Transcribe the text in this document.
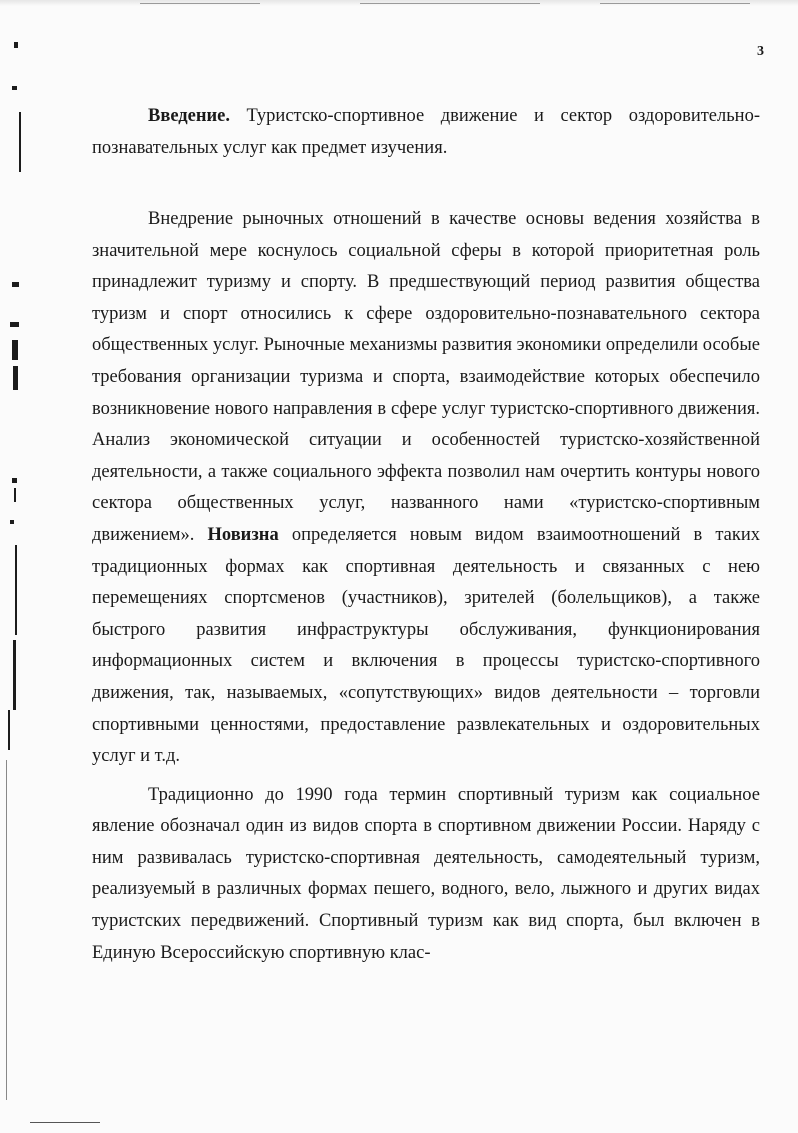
3

Введение. Туристско-спортивное движение и сектор оздоровительно-познавательных услуг как предмет изучения.

Внедрение рыночных отношений в качестве основы ведения хозяйства в значительной мере коснулось социальной сферы в которой приоритетная роль принадлежит туризму и спорту. В предшествующий период развития общества туризм и спорт относились к сфере оздоровительно-познавательного сектора общественных услуг. Рыночные механизмы развития экономики определили особые требования организации туризма и спорта, взаимодействие которых обеспечило возникновение нового направления в сфере услуг туристско-спортивного движения. Анализ экономической ситуации и особенностей туристско-хозяйственной деятельности, а также социального эффекта позволил нам очертить контуры нового сектора общественных услуг, названного нами «туристско-спортивным движением». Новизна определяется новым видом взаимоотношений в таких традиционных формах как спортивная деятельность и связанных с нею перемещениях спортсменов (участников), зрителей (болельщиков), а также быстрого развития инфраструктуры обслуживания, функционирования информационных систем и включения в процессы туристско-спортивного движения, так, называемых, «сопутствующих» видов деятельности – торговли спортивными ценностями, предоставление развлекательных и оздоровительных услуг и т.д.

Традиционно до 1990 года термин спортивный туризм как социальное явление обозначал один из видов спорта в спортивном движении России. Наряду с ним развивалась туристско-спортивная деятельность, самодеятельный туризм, реализуемый в различных формах пешего, водного, вело, лыжного и других видах туристских передвижений. Спортивный туризм как вид спорта, был включен в Единую Всероссийскую спортивную клас-
